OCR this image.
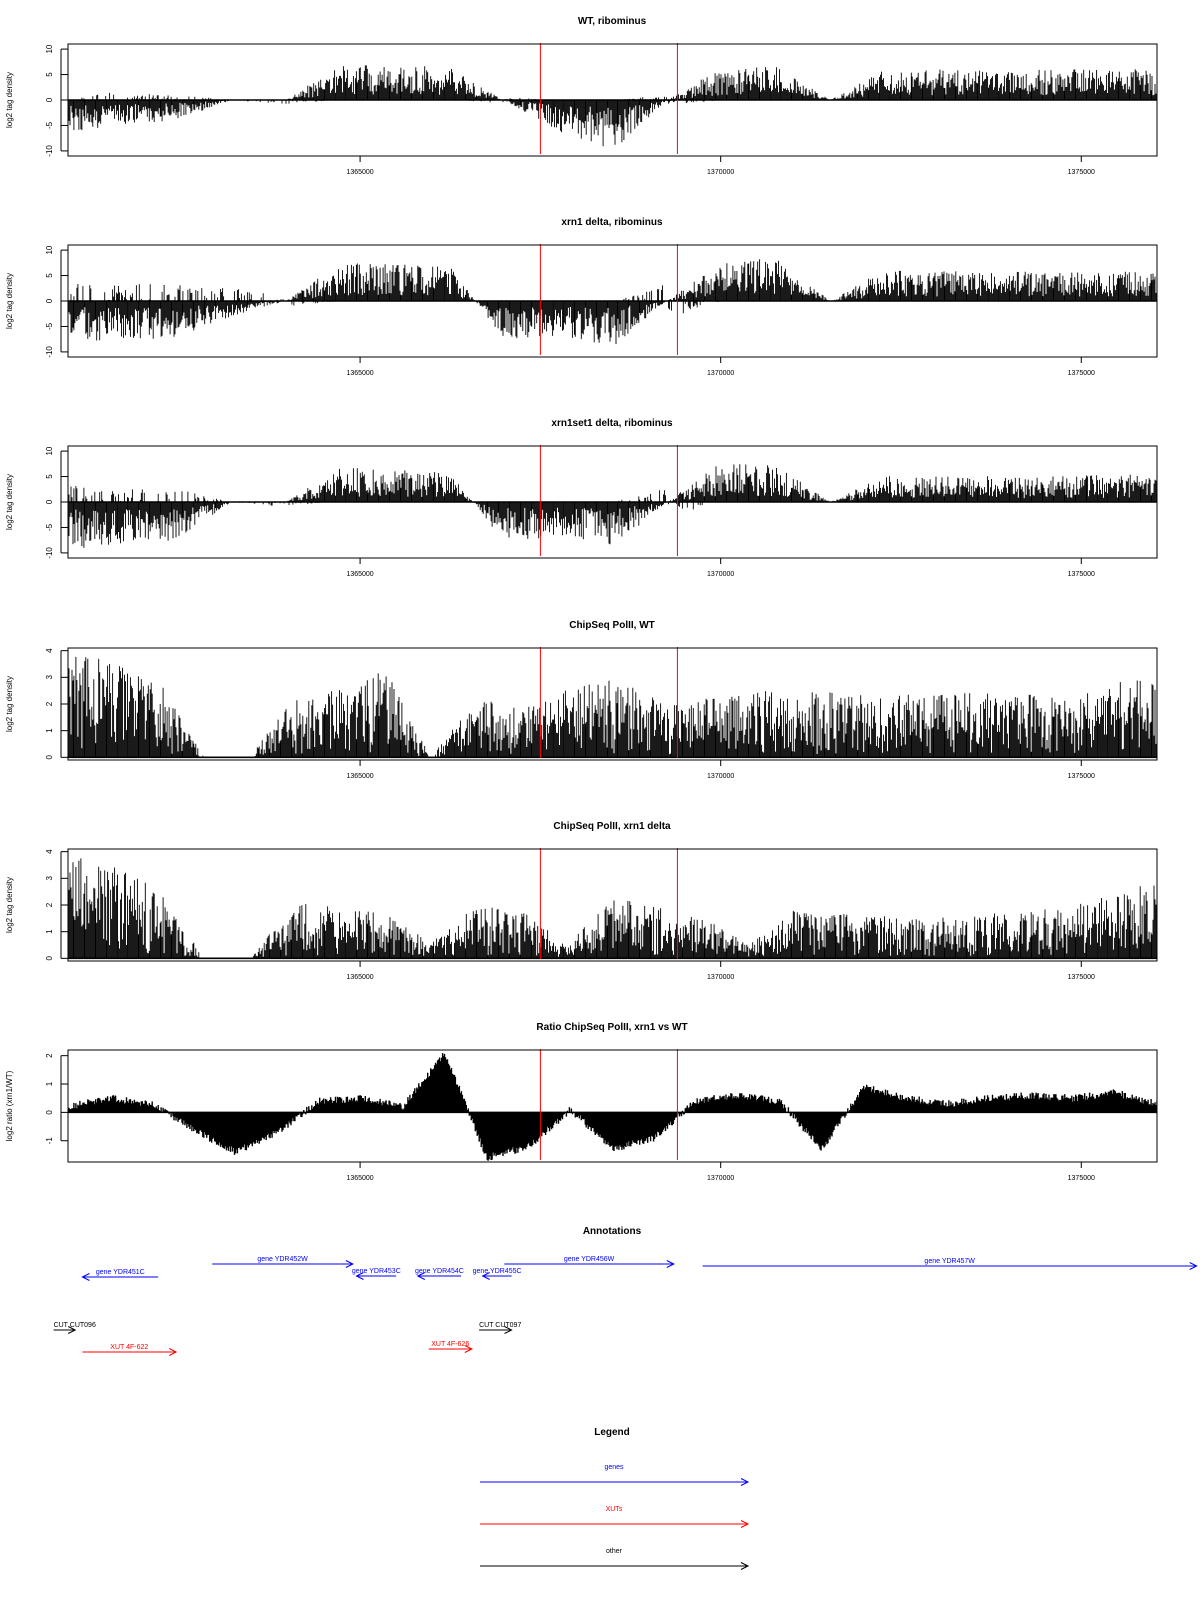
WT, ribominus
log2 tag density
-10
-5
0
5
10
1365000	1370000	1375000
xrn1 delta, ribominus
log2 tag density
-10
-5
0
5
10
1365000	1370000	1375000
xrn1set1 delta, ribominus
log2 tag density
-10
-5
0
5
10
1365000	1370000	1375000
ChipSeq PolII, WT
log2 tag density
0
1
2
3
4
1365000	1370000	1375000
ChipSeq PolII, xrn1 delta
log2 tag density
0
1
2
3
4
1365000	1370000	1375000
Ratio ChipSeq PolII, xrn1 vs WT
log2 ratio (xrn1/WT)	-1
0
1
2
1365000	1370000	1375000
Annotations
gene YDR451C
gene YDR452W
gene YDR453C gene YDR454C gene YDR455C
gene YDR456W	gene YDR457W
CUT CUT096
XUT 4F-622
CUT CUT097
XUT 4F-626
Legend
genes
XUTs
other
